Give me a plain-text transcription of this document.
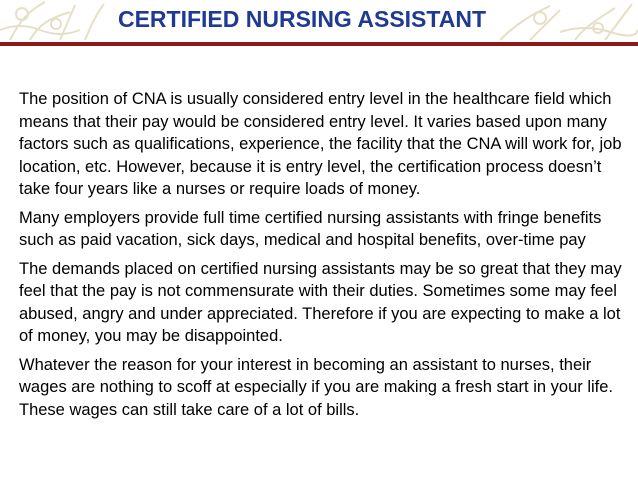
CERTIFIED NURSING ASSISTANT

The position of CNA is usually considered entry level in the healthcare field which means that their pay would be considered entry level. It varies based upon many factors such as qualifications, experience, the facility that the CNA will work for, job location, etc. However, because it is entry level, the certification process doesn’t take four years like a nurses or require loads of money.

Many employers provide full time certified nursing assistants with fringe benefits such as paid vacation, sick days, medical and hospital benefits, over-time pay

The demands placed on certified nursing assistants may be so great that they may feel that the pay is not commensurate with their duties. Sometimes some may feel abused, angry and under appreciated. Therefore if you are expecting to make a lot of money, you may be disappointed.

Whatever the reason for your interest in becoming an assistant to nurses, their wages are nothing to scoff at especially if you are making a fresh start in your life. These wages can still take care of a lot of bills.
